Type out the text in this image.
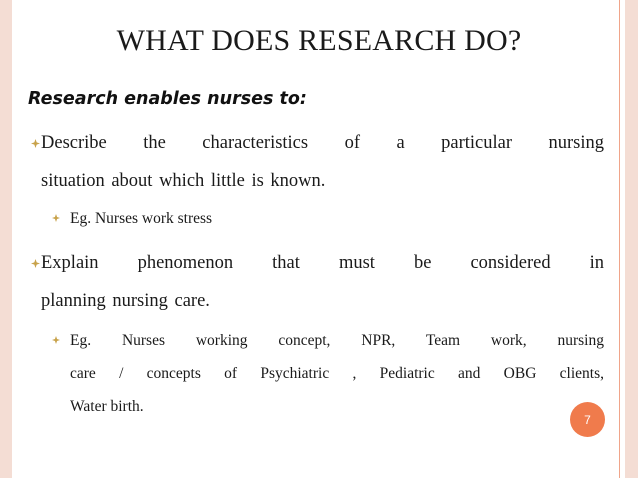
WHAT DOES RESEARCH DO?
Research enables nurses to:
Describe the characteristics of a particular nursing
situation about which little is known.
Eg. Nurses work stress
Explain phenomenon that must be considered in
planning nursing care.
Eg. Nurses working concept, NPR, Team work, nursing
care / concepts of Psychiatric , Pediatric and OBG clients,
Water birth.
7
